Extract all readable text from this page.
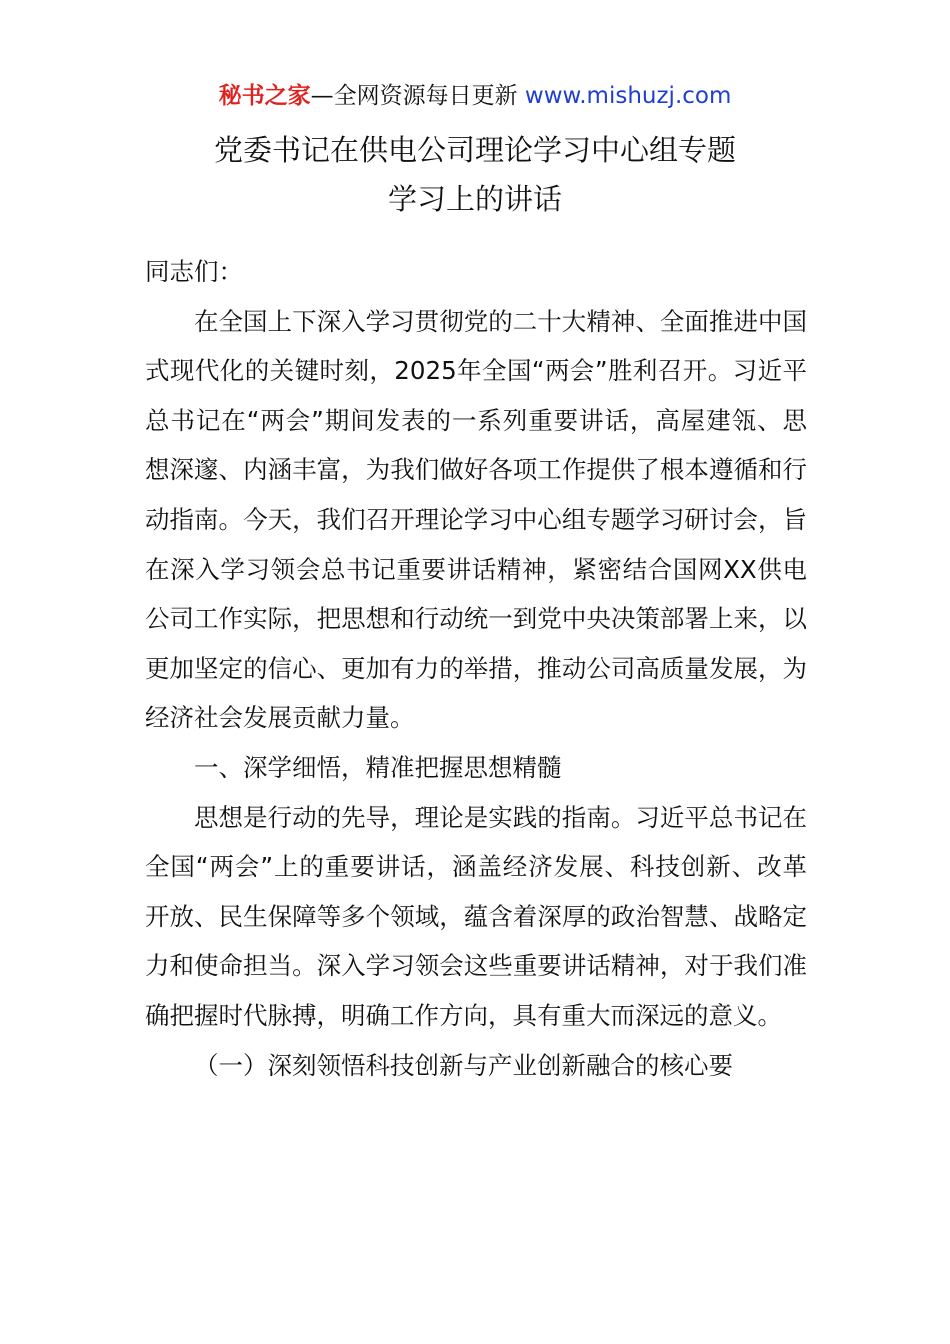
秘书之家—全网资源每日更新 www.mishuzj.com
党委书记在供电公司理论学习中心组专题
学习上的讲话

同志们：

在全国上下深入学习贯彻党的二十大精神、全面推进中国式现代化的关键时刻，2025年全国“两会”胜利召开。习近平总书记在“两会”期间发表的一系列重要讲话，高屋建瓴、思想深邃、内涵丰富，为我们做好各项工作提供了根本遵循和行动指南。今天，我们召开理论学习中心组专题学习研讨会，旨在深入学习领会总书记重要讲话精神，紧密结合国网XX供电公司工作实际，把思想和行动统一到党中央决策部署上来，以更加坚定的信心、更加有力的举措，推动公司高质量发展，为经济社会发展贡献力量。

一、深学细悟，精准把握思想精髓

思想是行动的先导，理论是实践的指南。习近平总书记在全国“两会”上的重要讲话，涵盖经济发展、科技创新、改革开放、民生保障等多个领域，蕴含着深厚的政治智慧、战略定力和使命担当。深入学习领会这些重要讲话精神，对于我们准确把握时代脉搏，明确工作方向，具有重大而深远的意义。

（一）深刻领悟科技创新与产业创新融合的核心要
